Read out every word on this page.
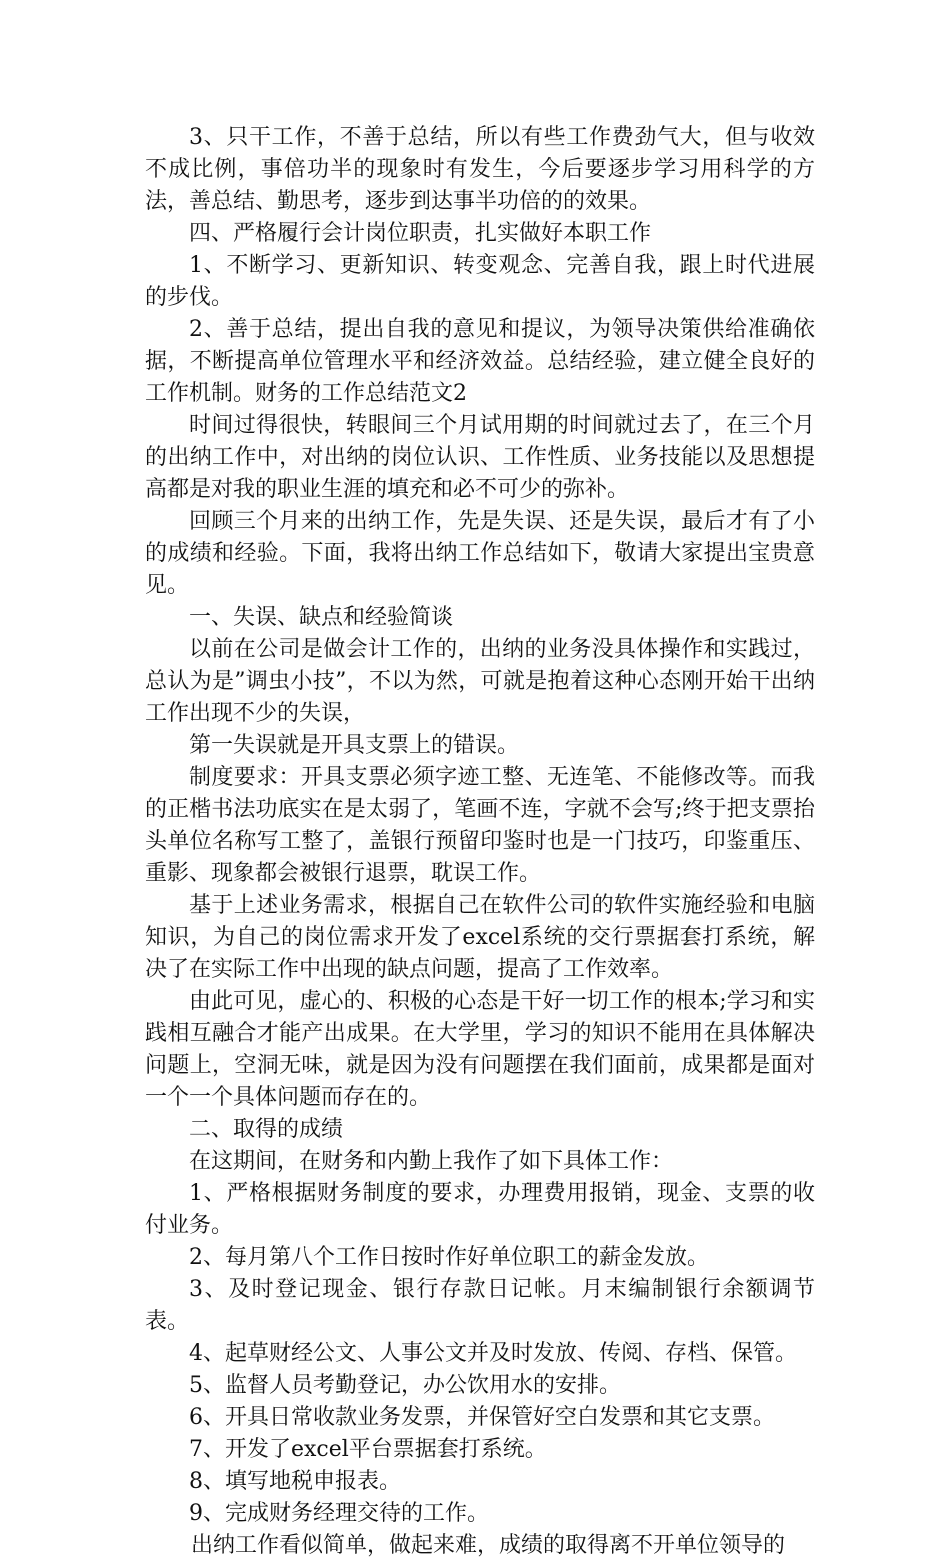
3、只干工作，不善于总结，所以有些工作费劲气大，但与收效不成比例，事倍功半的现象时有发生，今后要逐步学习用科学的方法，善总结、勤思考，逐步到达事半功倍的的效果。

四、严格履行会计岗位职责，扎实做好本职工作

1、不断学习、更新知识、转变观念、完善自我，跟上时代进展的步伐。

2、善于总结，提出自我的意见和提议，为领导决策供给准确依据，不断提高单位管理水平和经济效益。总结经验，建立健全良好的工作机制。财务的工作总结范文2

时间过得很快，转眼间三个月试用期的时间就过去了，在三个月的出纳工作中，对出纳的岗位认识、工作性质、业务技能以及思想提高都是对我的职业生涯的填充和必不可少的弥补。

回顾三个月来的出纳工作，先是失误、还是失误，最后才有了小的成绩和经验。下面，我将出纳工作总结如下，敬请大家提出宝贵意见。

一、失误、缺点和经验简谈

以前在公司是做会计工作的，出纳的业务没具体操作和实践过，总认为是”调虫小技”，不以为然，可就是抱着这种心态刚开始干出纳工作出现不少的失误，

第一失误就是开具支票上的错误。

制度要求：开具支票必须字迹工整、无连笔、不能修改等。而我的正楷书法功底实在是太弱了，笔画不连，字就不会写;终于把支票抬头单位名称写工整了，盖银行预留印鉴时也是一门技巧，印鉴重压、重影、现象都会被银行退票，耽误工作。

基于上述业务需求，根据自己在软件公司的软件实施经验和电脑知识，为自己的岗位需求开发了excel系统的交行票据套打系统，解决了在实际工作中出现的缺点问题，提高了工作效率。

由此可见，虚心的、积极的心态是干好一切工作的根本;学习和实践相互融合才能产出成果。在大学里，学习的知识不能用在具体解决问题上，空洞无味，就是因为没有问题摆在我们面前，成果都是面对一个一个具体问题而存在的。

二、取得的成绩

在这期间，在财务和内勤上我作了如下具体工作：

1、严格根据财务制度的要求，办理费用报销，现金、支票的收付业务。

2、每月第八个工作日按时作好单位职工的薪金发放。

3、及时登记现金、银行存款日记帐。月末编制银行余额调节表。

4、起草财经公文、人事公文并及时发放、传阅、存档、保管。

5、监督人员考勤登记，办公饮用水的安排。

6、开具日常收款业务发票，并保管好空白发票和其它支票。

7、开发了excel平台票据套打系统。

8、填写地税申报表。

9、完成财务经理交待的工作。

出纳工作看似简单，做起来难，成绩的取得离不开单位领导的
